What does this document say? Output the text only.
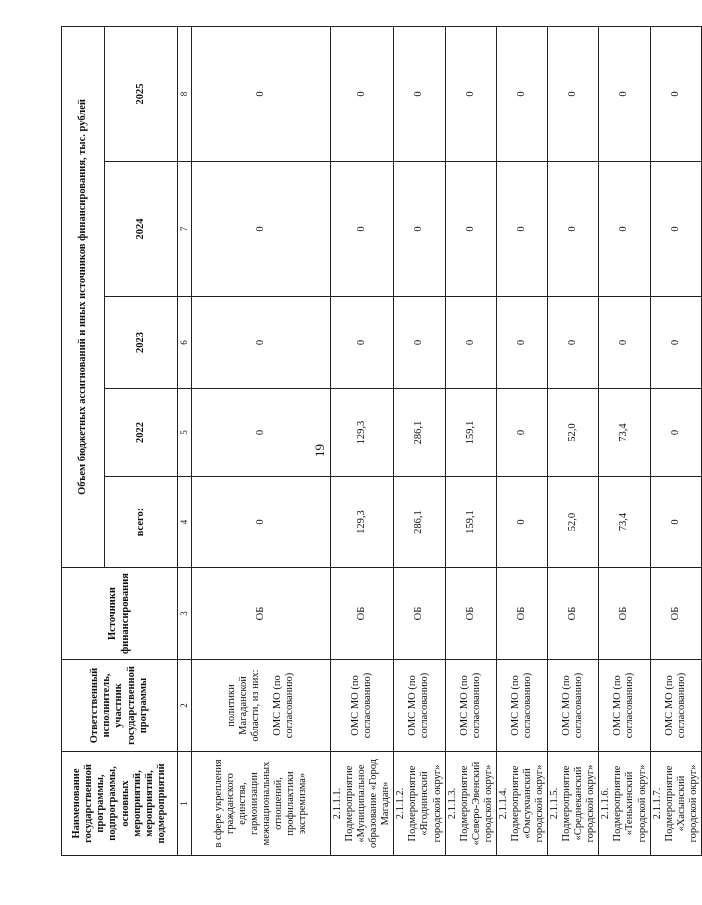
19
Наименование государственной программы, подпрограммы, основных мероприятий, мероприятий, подмероприятий	Ответственный исполнитель, участник государственной программы	Источники финансирования	Объем бюджетных ассигнований и иных источников финансирования, тыс. рублей				
			всего:	2022	2023	2024	2025
1	2	3	4	5	6	7	8
в сфере укрепления гражданского единства, гармонизации межнациональных отношений, профилактики экстремизма»	политики Магаданской области, из них: ОМС МО (по согласованию)	ОБ	0	0	0	0	0
2.1.1.1. Подмероприятие «Муниципальное образование «Город Магадан»	ОМС МО (по согласованию)	ОБ	129,3	129,3	0	0	0
2.1.1.2. Подмероприятие «Ягоднинский городской округ»	ОМС МО (по согласованию)	ОБ	286,1	286,1	0	0	0
2.1.1.3. Подмероприятие «Северо-Эвенский городской округ»	ОМС МО (по согласованию)	ОБ	159,1	159,1	0	0	0
2.1.1.4. Подмероприятие «Омсукчанский городской округ»	ОМС МО (по согласованию)	ОБ	0	0	0	0	0
2.1.1.5. Подмероприятие «Среднеканский городской округ»	ОМС МО (по согласованию)	ОБ	52,0	52,0	0	0	0
2.1.1.6. Подмероприятие «Тенькинский городской округ»	ОМС МО (по согласованию)	ОБ	73,4	73,4	0	0	0
2.1.1.7. Подмероприятие «Хасынский городской округ»	ОМС МО (по согласованию)	ОБ	0	0	0	0	0
